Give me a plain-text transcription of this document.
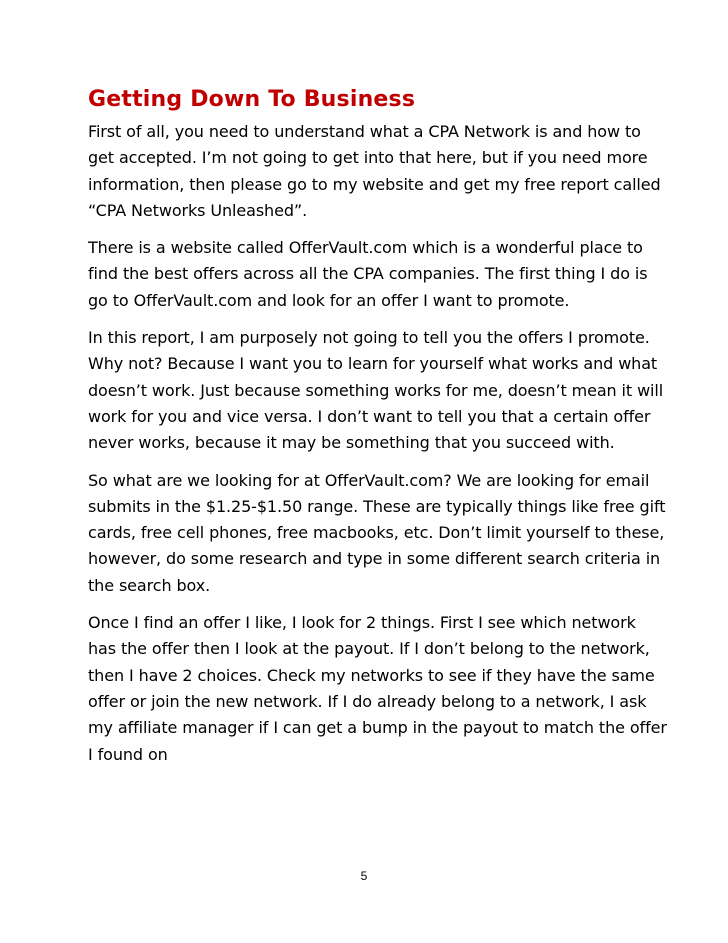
Getting Down To Business

First of all, you need to understand what a CPA Network is and how to get accepted. I’m not going to get into that here, but if you need more information, then please go to my website and get my free report called “CPA Networks Unleashed”.

There is a website called OfferVault.com which is a wonderful place to find the best offers across all the CPA companies. The first thing I do is go to OfferVault.com and look for an offer I want to promote.

In this report, I am purposely not going to tell you the offers I promote. Why not? Because I want you to learn for yourself what works and what doesn’t work. Just because something works for me, doesn’t mean it will work for you and vice versa. I don’t want to tell you that a certain offer never works, because it may be something that you succeed with.

So what are we looking for at OfferVault.com? We are looking for email submits in the $1.25-$1.50 range. These are typically things like free gift cards, free cell phones, free macbooks, etc. Don’t limit yourself to these, however, do some research and type in some different search criteria in the search box.

Once I find an offer I like, I look for 2 things. First I see which network has the offer then I look at the payout. If I don’t belong to the network, then I have 2 choices. Check my networks to see if they have the same offer or join the new network. If I do already belong to a network, I ask my affiliate manager if I can get a bump in the payout to match the offer I found on

5
